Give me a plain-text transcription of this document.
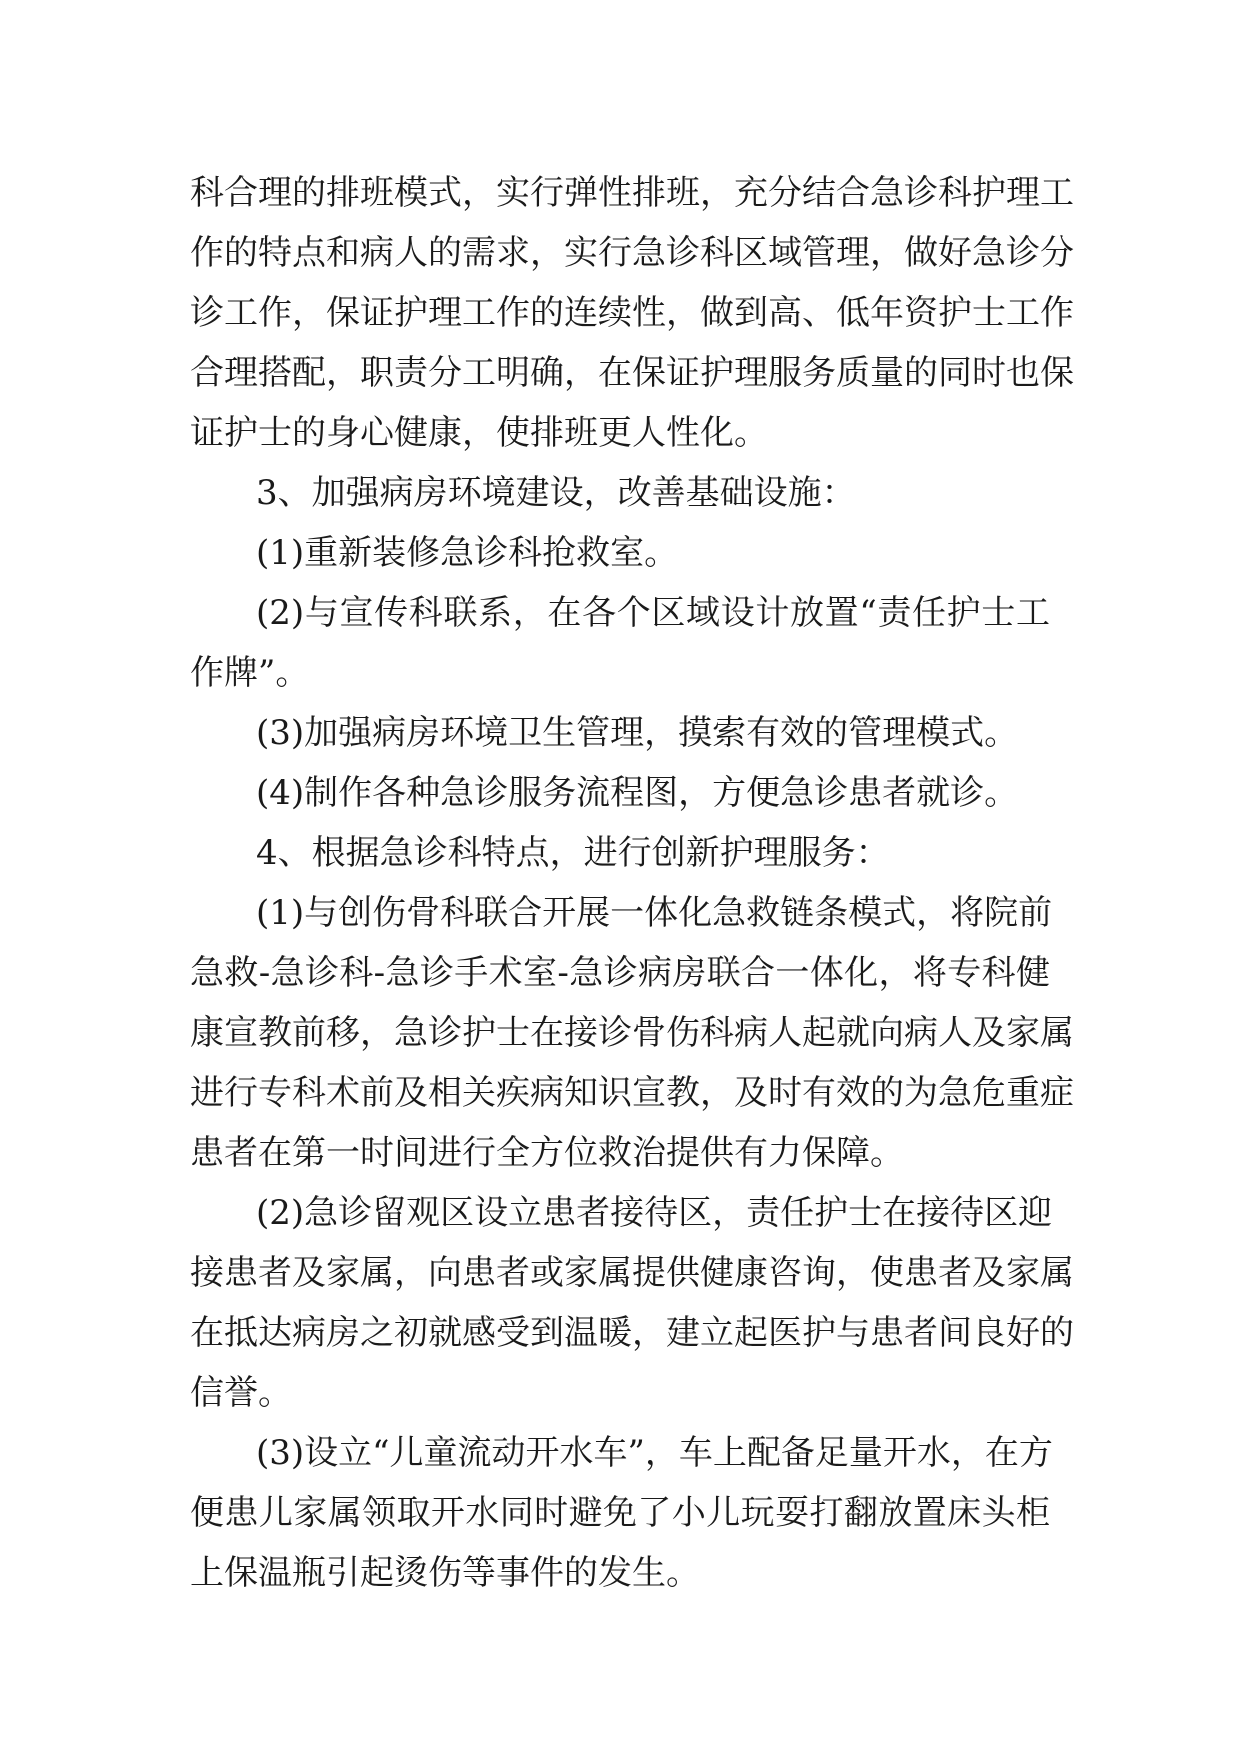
科合理的排班模式，实行弹性排班，充分结合急诊科护理工
作的特点和病人的需求，实行急诊科区域管理，做好急诊分
诊工作，保证护理工作的连续性，做到高、低年资护士工作
合理搭配，职责分工明确，在保证护理服务质量的同时也保
证护士的身心健康，使排班更人性化。
3、加强病房环境建设，改善基础设施：
(1)重新装修急诊科抢救室。
(2)与宣传科联系，在各个区域设计放置“责任护士工
作牌”。
(3)加强病房环境卫生管理，摸索有效的管理模式。
(4)制作各种急诊服务流程图，方便急诊患者就诊。
4、根据急诊科特点，进行创新护理服务：
(1)与创伤骨科联合开展一体化急救链条模式，将院前
急救-急诊科-急诊手术室-急诊病房联合一体化，将专科健
康宣教前移，急诊护士在接诊骨伤科病人起就向病人及家属
进行专科术前及相关疾病知识宣教，及时有效的为急危重症
患者在第一时间进行全方位救治提供有力保障。
(2)急诊留观区设立患者接待区，责任护士在接待区迎
接患者及家属，向患者或家属提供健康咨询，使患者及家属
在抵达病房之初就感受到温暖，建立起医护与患者间良好的
信誉。
(3)设立“儿童流动开水车”，车上配备足量开水，在方
便患儿家属领取开水同时避免了小儿玩耍打翻放置床头柜
上保温瓶引起烫伤等事件的发生。
